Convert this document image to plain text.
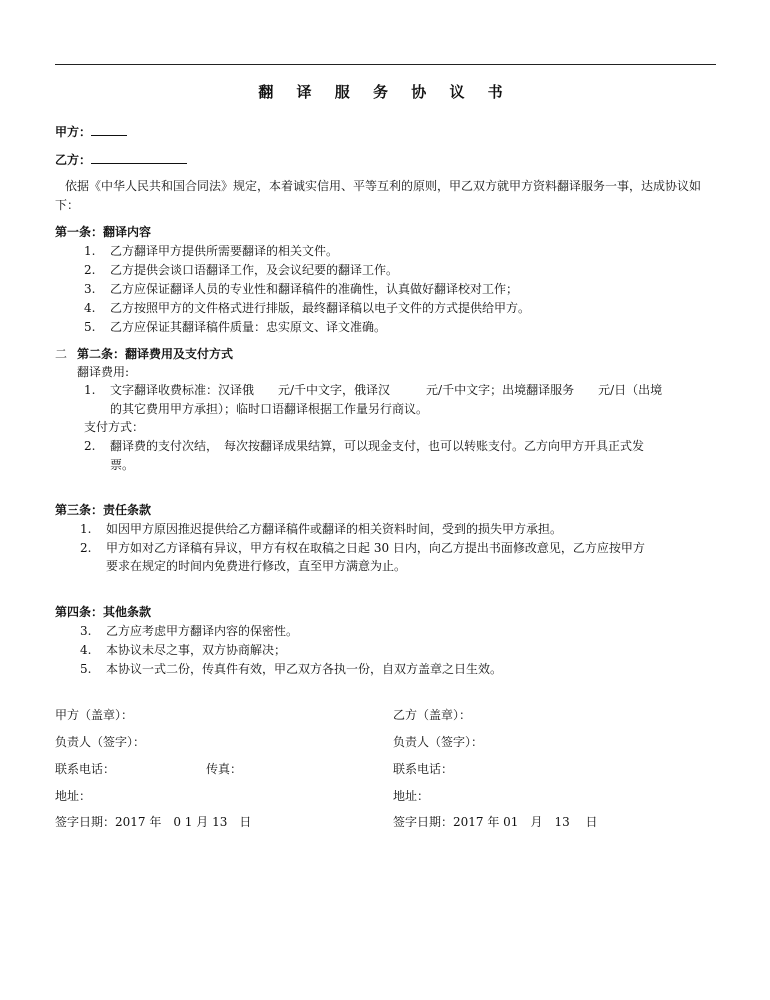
翻 译 服 务 协 议 书
甲方：
乙方：
依据《中华人民共和国合同法》规定，本着诚实信用、平等互利的原则，甲乙双方就甲方资料翻译服务一事，达成协议如下：
第一条：翻译内容
1. 乙方翻译甲方提供所需要翻译的相关文件。
2. 乙方提供会谈口语翻译工作，及会议纪要的翻译工作。
3. 乙方应保证翻译人员的专业性和翻译稿件的准确性，认真做好翻译校对工作；
4. 乙方按照甲方的文件格式进行排版，最终翻译稿以电子文件的方式提供给甲方。
5. 乙方应保证其翻译稿件质量：忠实原文、译文准确。
二 第二条：翻译费用及支付方式
翻译费用:
1. 文字翻译收费标准：汉译俄　　元/千中文字，俄译汉　　　元/千中文字；出境翻译服务　　元/日（出境
的其它费用甲方承担）；临时口语翻译根据工作量另行商议。
支付方式：
2. 翻译费的支付次结，　每次按翻译成果结算，可以现金支付，也可以转账支付。乙方向甲方开具正式发
票。
第三条：责任条款
1. 如因甲方原因推迟提供给乙方翻译稿件或翻译的相关资料时间，受到的损失甲方承担。
2. 甲方如对乙方译稿有异议，甲方有权在取稿之日起 30 日内，向乙方提出书面修改意见，乙方应按甲方
要求在规定的时间内免费进行修改，直至甲方满意为止。
第四条：其他条款
3. 乙方应考虑甲方翻译内容的保密性。
4. 本协议未尽之事，双方协商解决；
5. 本协议一式二份，传真件有效，甲乙双方各执一份，自双方盖章之日生效。
甲方（盖章）：	乙方（盖章）：
负责人（签字）：	负责人（签字）：
联系电话：	传真：	联系电话：
地址：	地址：
签字日期：2017 年　0 1 月 13　日	签字日期：2017 年 01　月　13　 日
